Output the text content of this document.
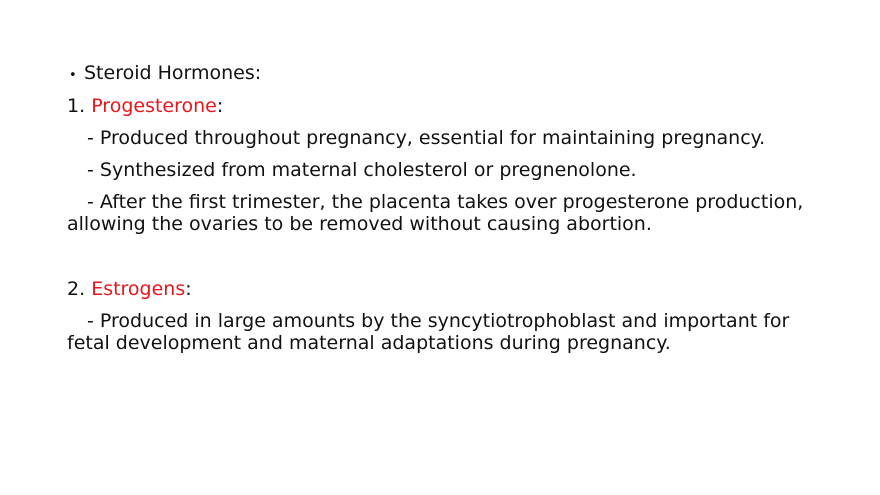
• Steroid Hormones:

1. Progesterone:

- Produced throughout pregnancy, essential for maintaining pregnancy.

- Synthesized from maternal cholesterol or pregnenolone.

- After the first trimester, the placenta takes over progesterone production, allowing the ovaries to be removed without causing abortion.

2. Estrogens:

- Produced in large amounts by the syncytiotrophoblast and important for fetal development and maternal adaptations during pregnancy.
